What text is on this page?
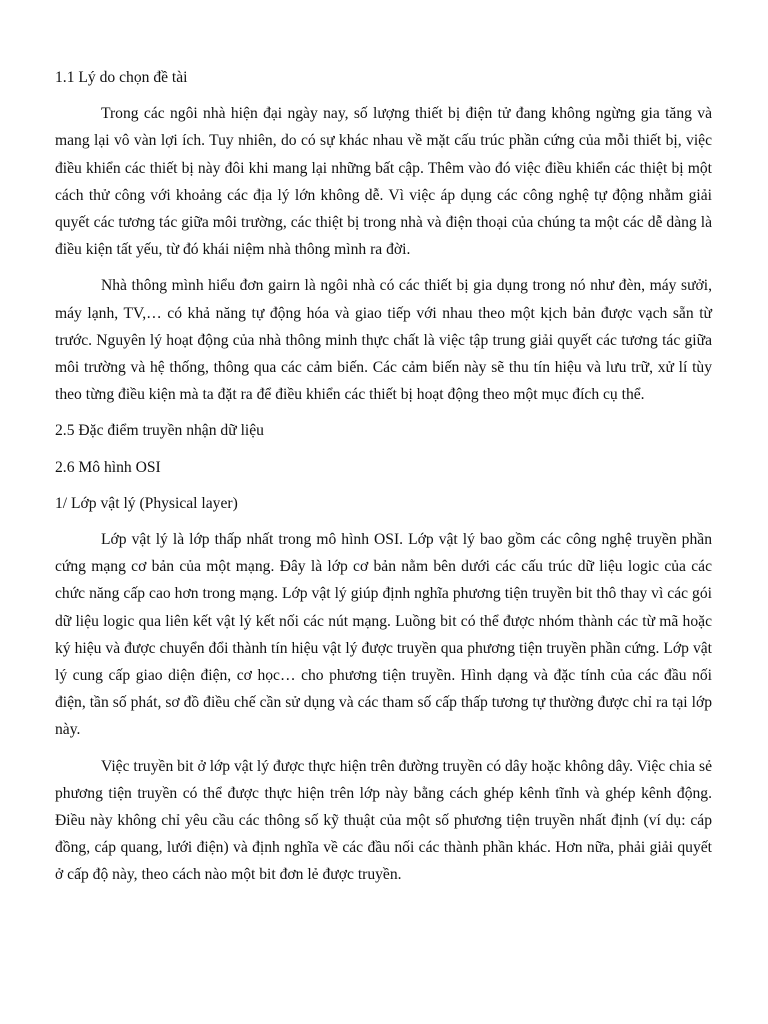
1.1 Lý do chọn đề tài

Trong các ngôi nhà hiện đại ngày nay, số lượng thiết bị điện tử đang không ngừng gia tăng và mang lại vô vàn lợi ích. Tuy nhiên, do có sự khác nhau về mặt cấu trúc phần cứng của mỗi thiết bị, việc điều khiển các thiết bị này đôi khi mang lại những bất cập. Thêm vào đó việc điều khiển các thiệt bị một cách thử công với khoảng các địa lý lớn không dễ. Vì việc áp dụng các công nghệ tự động nhằm giải quyết các tương tác giữa môi trường, các thiệt bị trong nhà và điện thoại của chúng ta một các dễ dàng là điều kiện tất yếu, từ đó khái niệm nhà thông mình ra đời.

Nhà thông mình hiểu đơn gairn là ngôi nhà có các thiết bị gia dụng trong nó như đèn, máy sưởi, máy lạnh, TV,… có khả năng tự động hóa và giao tiếp với nhau theo một kịch bản được vạch sẵn từ trước. Nguyên lý hoạt động của nhà thông minh thực chất là việc tập trung giải quyết các tương tác giữa môi trường và hệ thống, thông qua các cảm biến. Các cảm biến này sẽ thu tín hiệu và lưu trữ, xử lí tùy theo từng điều kiện mà ta đặt ra để điều khiển các thiết bị hoạt động theo một mục đích cụ thể.

2.5 Đặc điểm truyền nhận dữ liệu

2.6 Mô hình OSI

1/ Lớp vật lý (Physical layer)

Lớp vật lý là lớp thấp nhất trong mô hình OSI. Lớp vật lý bao gồm các công nghệ truyền phần cứng mạng cơ bản của một mạng. Đây là lớp cơ bản nằm bên dưới các cấu trúc dữ liệu logic của các chức năng cấp cao hơn trong mạng. Lớp vật lý giúp định nghĩa phương tiện truyền bit thô thay vì các gói dữ liệu logic qua liên kết vật lý kết nối các nút mạng. Luồng bit có thể được nhóm thành các từ mã hoặc ký hiệu và được chuyển đổi thành tín hiệu vật lý được truyền qua phương tiện truyền phần cứng. Lớp vật lý cung cấp giao diện điện, cơ học… cho phương tiện truyền. Hình dạng và đặc tính của các đầu nối điện, tần số phát, sơ đồ điều chế cần sử dụng và các tham số cấp thấp tương tự thường được chỉ ra tại lớp này.

Việc truyền bit ở lớp vật lý được thực hiện trên đường truyền có dây hoặc không dây. Việc chia sẻ phương tiện truyền có thể được thực hiện trên lớp này bằng cách ghép kênh tĩnh và ghép kênh động. Điều này không chỉ yêu cầu các thông số kỹ thuật của một số phương tiện truyền nhất định (ví dụ: cáp đồng, cáp quang, lưới điện) và định nghĩa về các đầu nối các thành phần khác. Hơn nữa, phải giải quyết ở cấp độ này, theo cách nào một bit đơn lẻ được truyền.
